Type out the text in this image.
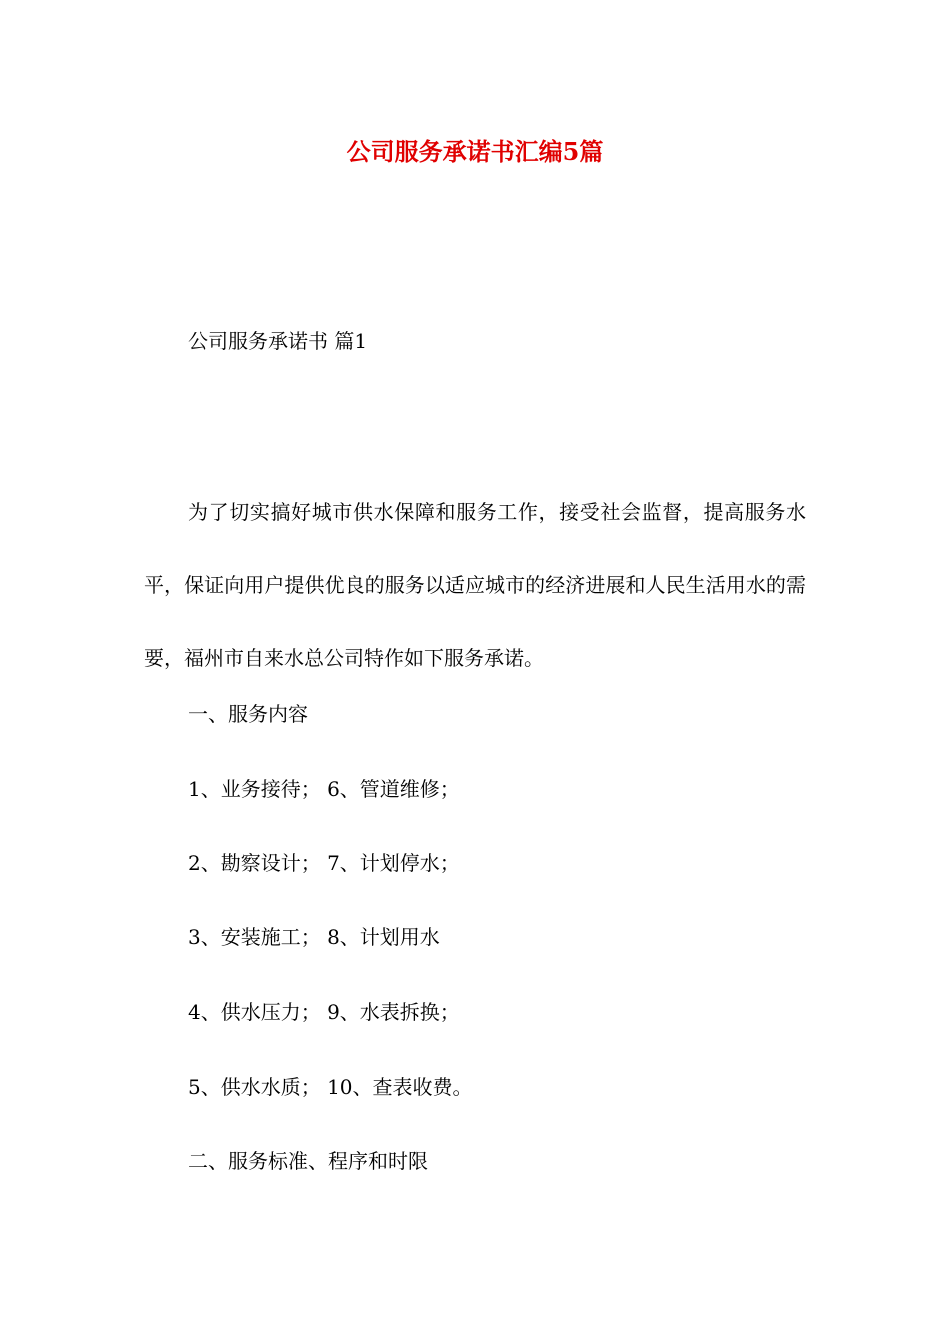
公司服务承诺书汇编5篇

公司服务承诺书 篇1

为了切实搞好城市供水保障和服务工作，接受社会监督，提高服务水平，保证向用户提供优良的服务以适应城市的经济进展和人民生活用水的需要，福州市自来水总公司特作如下服务承诺。

一、服务内容

1、业务接待； 6、管道维修；

2、勘察设计； 7、计划停水；

3、安装施工； 8、计划用水

4、供水压力； 9、水表拆换；

5、供水水质； 10、查表收费。

二、服务标准、程序和时限
